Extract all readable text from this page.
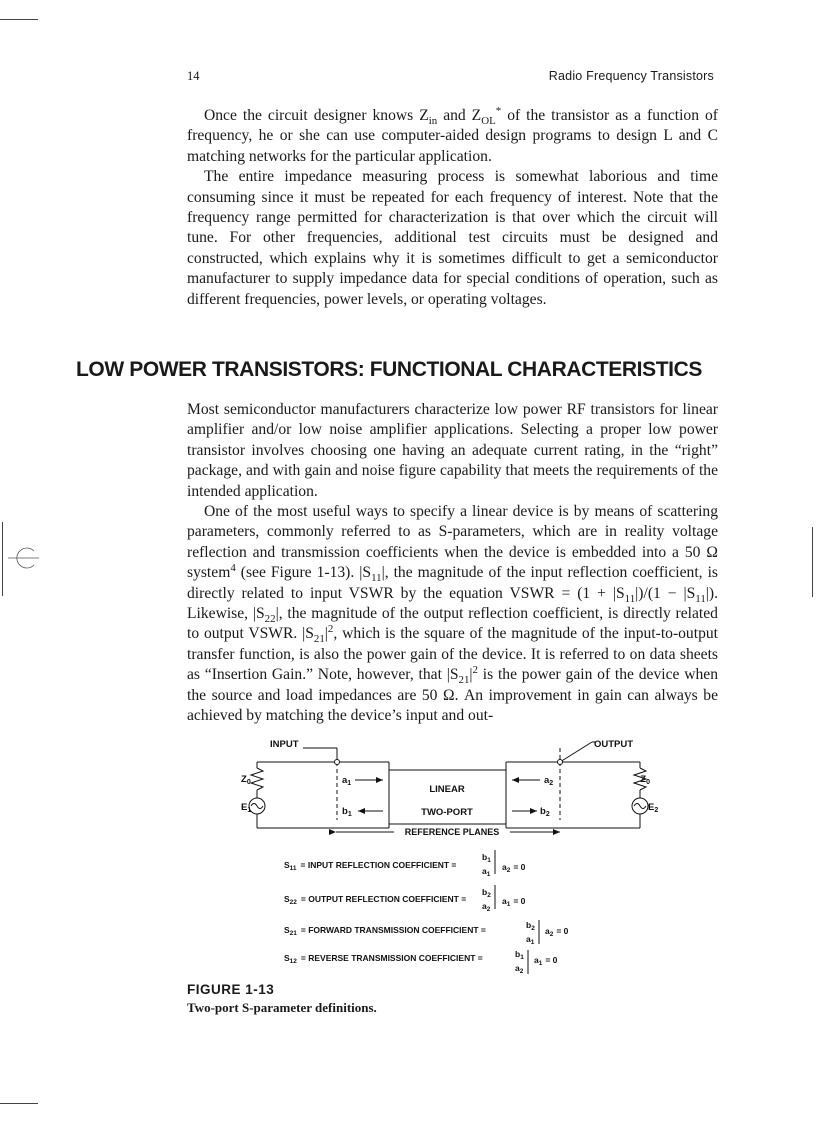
14	Radio Frequency Transistors

Once the circuit designer knows $Z_{in}$ and $Z_{OL}^*$ of the transistor as a function of frequency, he or she can use computer-aided design programs to design L and C matching networks for the particular application.

The entire impedance measuring process is somewhat laborious and time consuming since it must be repeated for each frequency of interest. Note that the frequency range permitted for characterization is that over which the circuit will tune. For other frequencies, additional test circuits must be designed and constructed, which explains why it is sometimes difficult to get a semiconductor manufacturer to supply impedance data for special conditions of operation, such as different frequencies, power levels, or operating voltages.

LOW POWER TRANSISTORS: FUNCTIONAL CHARACTERISTICS

Most semiconductor manufacturers characterize low power RF transistors for linear amplifier and/or low noise amplifier applications. Selecting a proper low power transistor involves choosing one having an adequate current rating, in the “right” package, and with gain and noise figure capability that meets the requirements of the intended application.

One of the most useful ways to specify a linear device is by means of scattering parameters, commonly referred to as S-parameters, which are in reality voltage reflection and transmission coefficients when the device is embedded into a 50 Ω system$^4$ (see Figure 1-13). $|S_{11}|$, the magnitude of the input reflection coefficient, is directly related to input VSWR by the equation VSWR = $(1 + |S_{11}|)/(1 - |S_{11}|)$. Likewise, $|S_{22}|$, the magnitude of the output reflection coefficient, is directly related to output VSWR. $|S_{21}|^2$, which is the square of the magnitude of the input-to-output transfer function, is also the power gain of the device. It is referred to on data sheets as “Insertion Gain.” Note, however, that $|S_{21}|^2$ is the power gain of the device when the source and load impedances are 50 Ω. An improvement in gain can always be achieved by matching the device’s input and out-

INPUT	OUTPUT
$Z_0$
$E_1$
$Z_0$
$E_2$
$a_1$
$b_1$
$a_2$
$b_2$
LINEAR
TWO-PORT
REFERENCE PLANES
$S_{11}$ = INPUT REFLECTION COEFFICIENT =
$b_1$
$a_1$
$a_2 = 0$
$S_{22}$ = OUTPUT REFLECTION COEFFICIENT =
$b_2$
$a_2$
$a_1 = 0$
$S_{21}$ = FORWARD TRANSMISSION COEFFICIENT =	$b_2$
$a_1$
$a_2 = 0$
$S_{12}$ = REVERSE TRANSMISSION COEFFICIENT =	$b_1$
$a_2$
$a_1 = 0$
FIGURE 1-13
Two-port S-parameter definitions.
